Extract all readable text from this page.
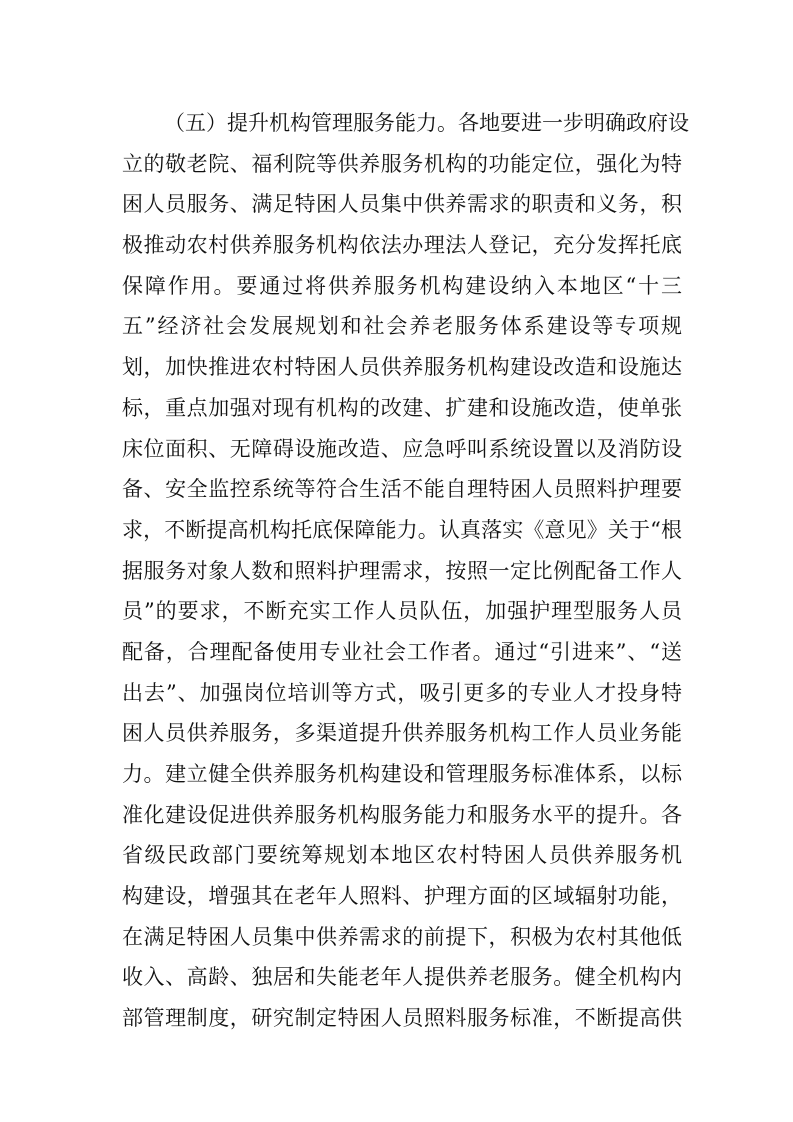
（五）提升机构管理服务能力。各地要进一步明确政府设
立的敬老院、福利院等供养服务机构的功能定位，强化为特
困人员服务、满足特困人员集中供养需求的职责和义务，积
极推动农村供养服务机构依法办理法人登记，充分发挥托底
保障作用。要通过将供养服务机构建设纳入本地区“十三
五”经济社会发展规划和社会养老服务体系建设等专项规
划，加快推进农村特困人员供养服务机构建设改造和设施达
标，重点加强对现有机构的改建、扩建和设施改造，使单张
床位面积、无障碍设施改造、应急呼叫系统设置以及消防设
备、安全监控系统等符合生活不能自理特困人员照料护理要
求，不断提高机构托底保障能力。认真落实《意见》关于“根
据服务对象人数和照料护理需求，按照一定比例配备工作人
员”的要求，不断充实工作人员队伍，加强护理型服务人员
配备，合理配备使用专业社会工作者。通过“引进来”、“送
出去”、加强岗位培训等方式，吸引更多的专业人才投身特
困人员供养服务，多渠道提升供养服务机构工作人员业务能
力。建立健全供养服务机构建设和管理服务标准体系，以标
准化建设促进供养服务机构服务能力和服务水平的提升。各
省级民政部门要统筹规划本地区农村特困人员供养服务机
构建设，增强其在老年人照料、护理方面的区域辐射功能，
在满足特困人员集中供养需求的前提下，积极为农村其他低
收入、高龄、独居和失能老年人提供养老服务。健全机构内
部管理制度，研究制定特困人员照料服务标准，不断提高供
